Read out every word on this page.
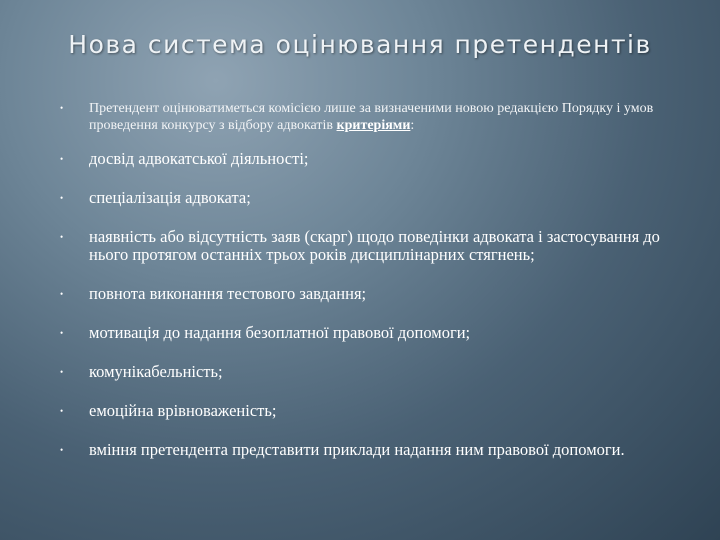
Нова система оцінювання претендентів
•	Претендент оцінюватиметься комісією лише за визначеними новою редакцією Порядку і умов проведення конкурсу з відбору адвокатів критеріями:
•	досвід адвокатської діяльності;
•	спеціалізація адвоката;
•	наявність або відсутність заяв (скарг) щодо поведінки адвоката і застосування до нього протягом останніх трьох років дисциплінарних стягнень;
•	повнота виконання тестового завдання;
•	мотивація до надання безоплатної правової допомоги;
•	комунікабельність;
•	емоційна врівноваженість;
•	вміння претендента представити приклади надання ним правової допомоги.
